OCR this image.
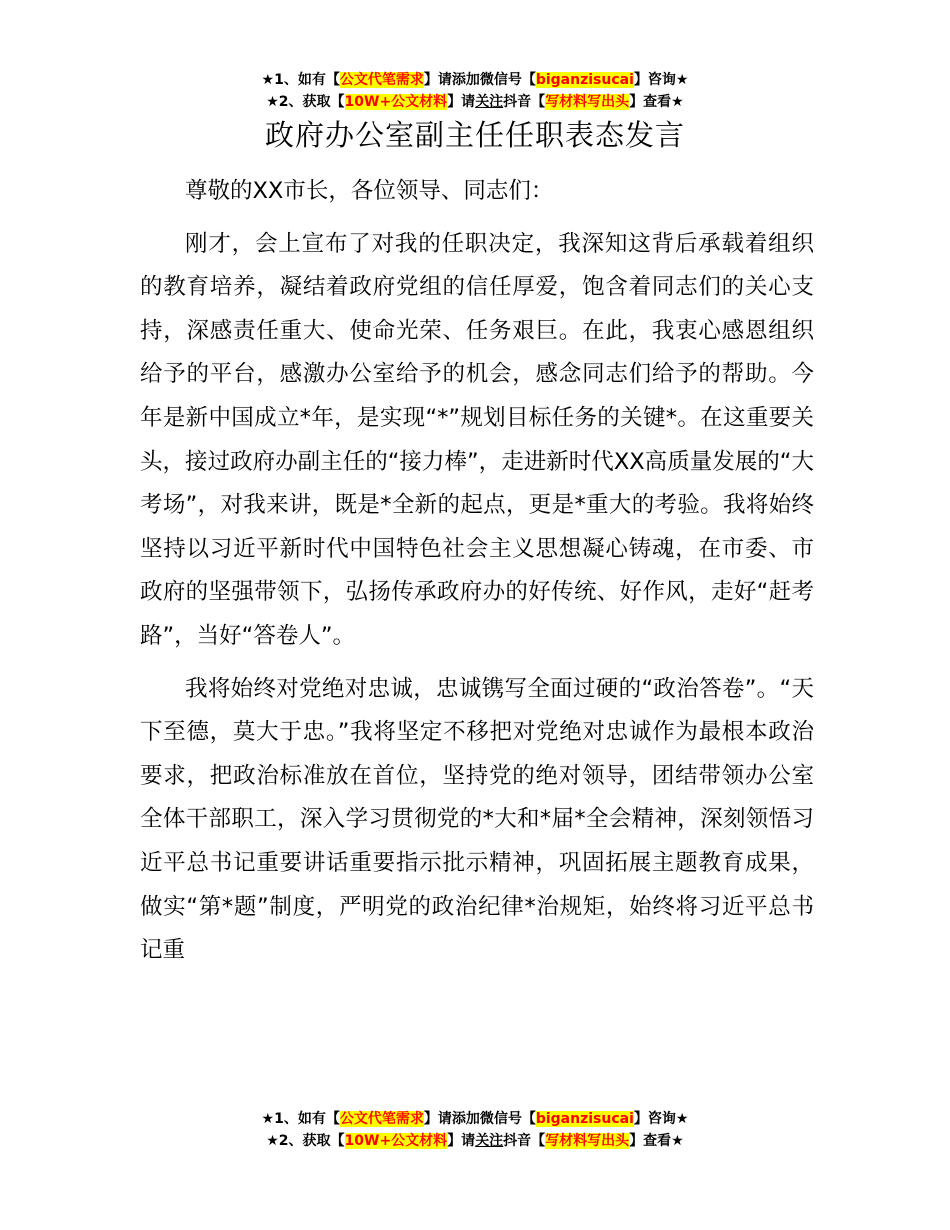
★1、如有【公文代笔需求】请添加微信号【biganzisucai】咨询★
★2、获取【10W+公文材料】请关注抖音【写材料写出头】查看★
政府办公室副主任任职表态发言

尊敬的XX市长，各位领导、同志们：

刚才，会上宣布了对我的任职决定，我深知这背后承载着组织的教育培养，凝结着政府党组的信任厚爱，饱含着同志们的关心支持，深感责任重大、使命光荣、任务艰巨。在此，我衷心感恩组织给予的平台，感激办公室给予的机会，感念同志们给予的帮助。今年是新中国成立*年，是实现“*”规划目标任务的关键*。在这重要关头，接过政府办副主任的“接力棒”，走进新时代XX高质量发展的“大考场”，对我来讲，既是*全新的起点，更是*重大的考验。我将始终坚持以习近平新时代中国特色社会主义思想凝心铸魂，在市委、市政府的坚强带领下，弘扬传承政府办的好传统、好作风，走好“赶考路”，当好“答卷人”。

我将始终对党绝对忠诚，忠诚镌写全面过硬的“政治答卷”。“天下至德，莫大于忠。”我将坚定不移把对党绝对忠诚作为最根本政治要求，把政治标准放在首位，坚持党的绝对领导，团结带领办公室全体干部职工，深入学习贯彻党的*大和*届*全会精神，深刻领悟习近平总书记重要讲话重要指示批示精神，巩固拓展主题教育成果，做实“第*题”制度，严明党的政治纪律*治规矩，始终将习近平总书记重

★1、如有【公文代笔需求】请添加微信号【biganzisucai】咨询★
★2、获取【10W+公文材料】请关注抖音【写材料写出头】查看★
